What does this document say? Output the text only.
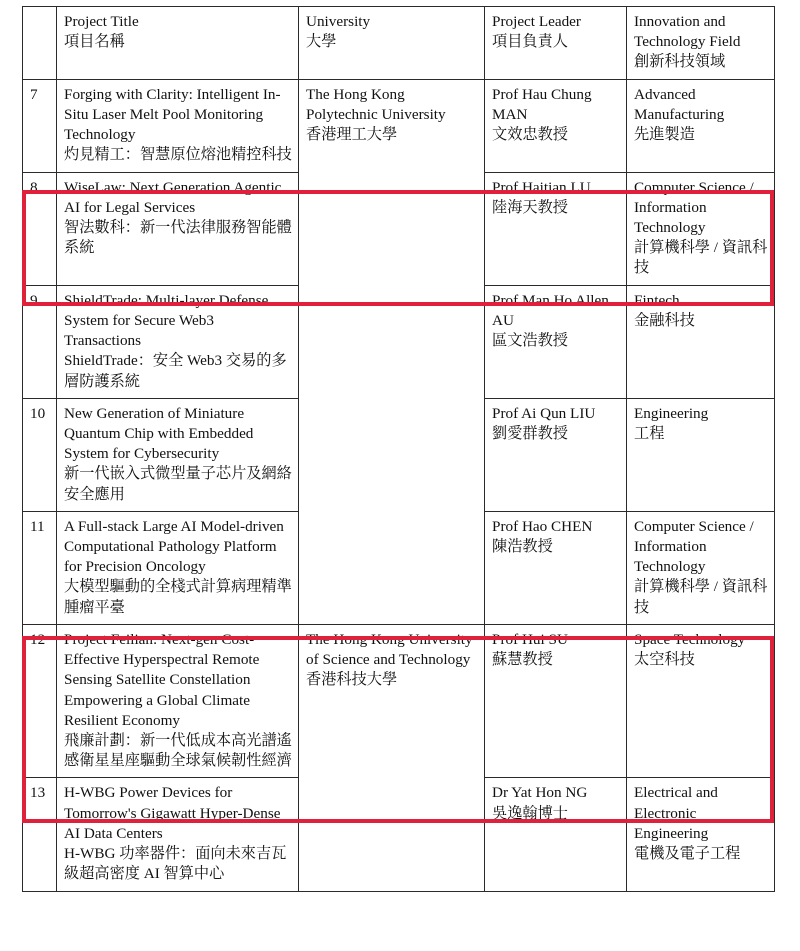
	Project Title
項目名稱	University
大學	Project Leader
項目負責人	Innovation and Technology Field
創新科技領域

7	Forging with Clarity: Intelligent In-Situ Laser Melt Pool Monitoring Technology
灼見精工：智慧原位熔池精控科技	The Hong Kong Polytechnic University
香港理工大學	Prof Hau Chung MAN
文效忠教授	Advanced Manufacturing
先進製造

8	WiseLaw: Next Generation Agentic AI for Legal Services
智法數科：新一代法律服務智能體系統		Prof Haitian LU
陸海天教授	Computer Science / Information Technology
計算機科學 / 資訊科技

9	ShieldTrade: Multi-layer Defense System for Secure Web3 Transactions
ShieldTrade：安全 Web3 交易的多層防護系統		Prof Man Ho Allen AU
區文浩教授	Fintech
金融科技

10	New Generation of Miniature Quantum Chip with Embedded System for Cybersecurity
新一代嵌入式微型量子芯片及網絡安全應用		Prof Ai Qun LIU
劉愛群教授	Engineering
工程

11	A Full-stack Large AI Model-driven Computational Pathology Platform for Precision Oncology
大模型驅動的全棧式計算病理精準腫瘤平臺		Prof Hao CHEN
陳浩教授	Computer Science / Information Technology
計算機科學 / 資訊科技

12	Project Feilian: Next-gen Cost-Effective Hyperspectral Remote Sensing Satellite Constellation Empowering a Global Climate Resilient Economy
飛廉計劃：新一代低成本高光譜遙感衛星星座驅動全球氣候韌性經濟	The Hong Kong University of Science and Technology
香港科技大學	Prof Hui SU
蘇慧教授	Space Technology
太空科技

13	H-WBG Power Devices for Tomorrow's Gigawatt Hyper-Dense AI Data Centers
H-WBG 功率器件：面向未來吉瓦級超高密度 AI 智算中心		Dr Yat Hon NG
吳逸翰博士	Electrical and Electronic Engineering
電機及電子工程
